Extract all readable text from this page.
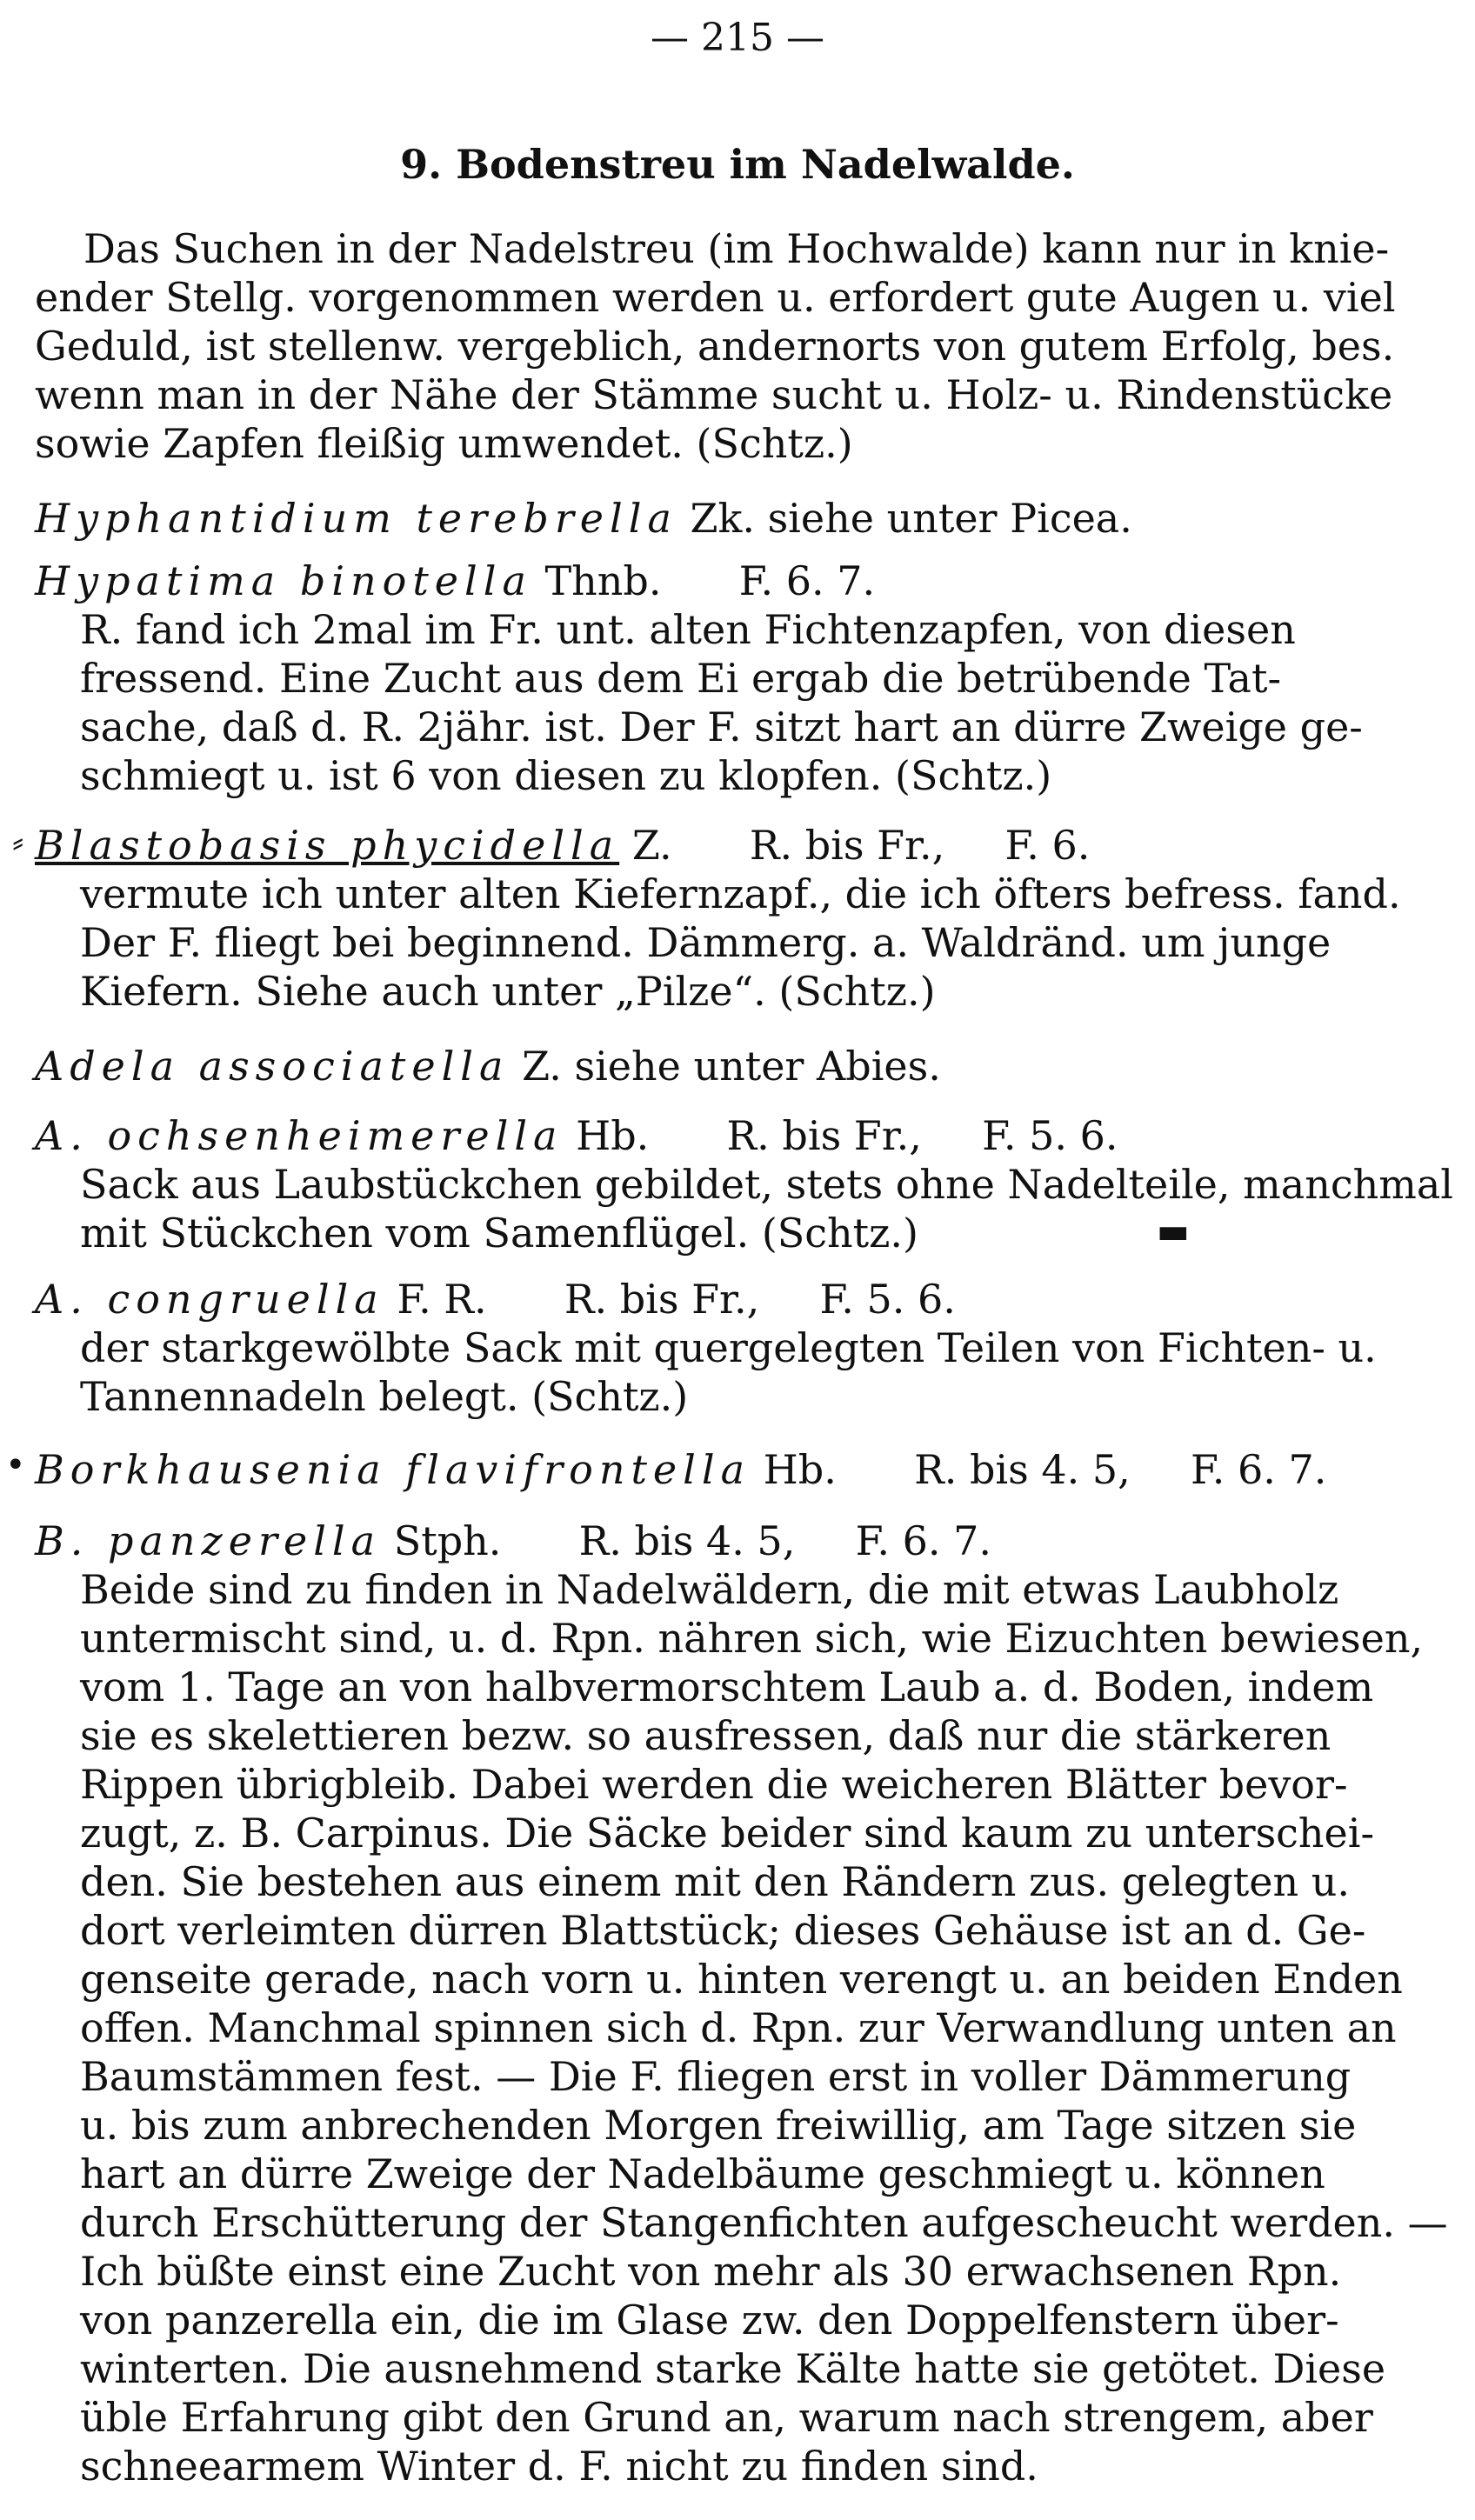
— 215 —
9. Bodenstreu im Nadelwalde.
Das Suchen in der Nadelstreu (im Hochwalde) kann nur in knie-
ender Stellg. vorgenommen werden u. erfordert gute Augen u. viel
Geduld, ist stellenw. vergeblich, andernorts von gutem Erfolg, bes.
wenn man in der Nähe der Stämme sucht u. Holz- u. Rindenstücke
sowie Zapfen fleißig umwendet. (Schtz.)
Hyphantidium terebrella Zk. siehe unter Picea.
Hypatima binotella Thnb. F. 6. 7.
R. fand ich 2mal im Fr. unt. alten Fichtenzapfen, von diesen
fressend. Eine Zucht aus dem Ei ergab die betrübende Tat-
sache, daß d. R. 2jähr. ist. Der F. sitzt hart an dürre Zweige ge-
schmiegt u. ist 6 von diesen zu klopfen. (Schtz.)
⸗ Blastobasis phycidella Z. R. bis Fr., F. 6.
vermute ich unter alten Kiefernzapf., die ich öfters befress. fand.
Der F. fliegt bei beginnend. Dämmerg. a. Waldränd. um junge
Kiefern. Siehe auch unter „Pilze“. (Schtz.)
Adela associatella Z. siehe unter Abies.
A. ochsenheimerella Hb. R. bis Fr., F. 5. 6.
Sack aus Laubstückchen gebildet, stets ohne Nadelteile, manchmal
mit Stückchen vom Samenflügel. (Schtz.)	▬
A. congruella F. R. R. bis Fr., F. 5. 6.
der starkgewölbte Sack mit quergelegten Teilen von Fichten- u.
Tannennadeln belegt. (Schtz.)
• Borkhausenia flavifrontella Hb. R. bis 4. 5, F. 6. 7.
B. panzerella Stph. R. bis 4. 5, F. 6. 7.
Beide sind zu finden in Nadelwäldern, die mit etwas Laubholz
untermischt sind, u. d. Rpn. nähren sich, wie Eizuchten bewiesen,
vom 1. Tage an von halbvermorschtem Laub a. d. Boden, indem
sie es skelettieren bezw. so ausfressen, daß nur die stärkeren
Rippen übrigbleib. Dabei werden die weicheren Blätter bevor-
zugt, z. B. Carpinus. Die Säcke beider sind kaum zu unterschei-
den. Sie bestehen aus einem mit den Rändern zus. gelegten u.
dort verleimten dürren Blattstück; dieses Gehäuse ist an d. Ge-
genseite gerade, nach vorn u. hinten verengt u. an beiden Enden
offen. Manchmal spinnen sich d. Rpn. zur Verwandlung unten an
Baumstämmen fest. — Die F. fliegen erst in voller Dämmerung
u. bis zum anbrechenden Morgen freiwillig, am Tage sitzen sie
hart an dürre Zweige der Nadelbäume geschmiegt u. können
durch Erschütterung der Stangenfichten aufgescheucht werden. —
Ich büßte einst eine Zucht von mehr als 30 erwachsenen Rpn.
von panzerella ein, die im Glase zw. den Doppelfenstern über-
winterten. Die ausnehmend starke Kälte hatte sie getötet. Diese
üble Erfahrung gibt den Grund an, warum nach strengem, aber
schneearmem Winter d. F. nicht zu finden sind.
